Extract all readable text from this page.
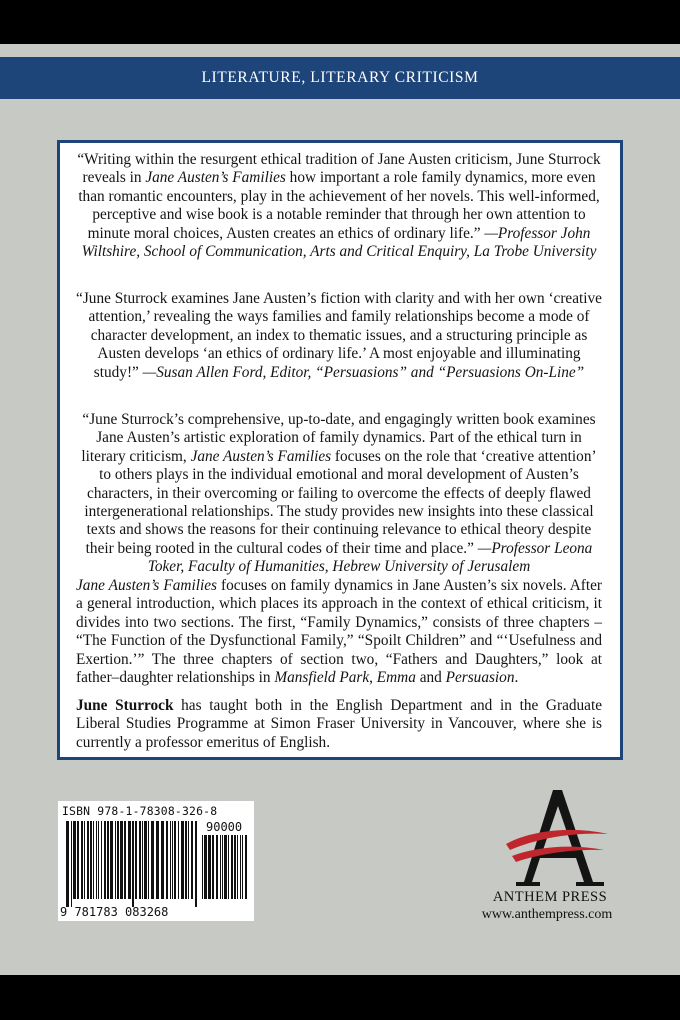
LITERATURE, LITERARY CRITICISM

“Writing within the resurgent ethical tradition of Jane Austen criticism, June Sturrock reveals in Jane Austen’s Families how important a role family dynamics, more even than romantic encounters, play in the achievement of her novels. This well-informed, perceptive and wise book is a notable reminder that through her own attention to minute moral choices, Austen creates an ethics of ordinary life.” —Professor John Wiltshire, School of Communication, Arts and Critical Enquiry, La Trobe University

“June Sturrock examines Jane Austen’s fiction with clarity and with her own ‘creative attention,’ revealing the ways families and family relationships become a mode of character development, an index to thematic issues, and a structuring principle as Austen develops ‘an ethics of ordinary life.’ A most enjoyable and illuminating study!” —Susan Allen Ford, Editor, “Persuasions” and “Persuasions On-Line”

“June Sturrock’s comprehensive, up-to-date, and engagingly written book examines Jane Austen’s artistic exploration of family dynamics. Part of the ethical turn in literary criticism, Jane Austen’s Families focuses on the role that ‘creative attention’ to others plays in the individual emotional and moral development of Austen’s characters, in their overcoming or failing to overcome the effects of deeply flawed intergenerational relationships. The study provides new insights into these classical texts and shows the reasons for their continuing relevance to ethical theory despite their being rooted in the cultural codes of their time and place.” —Professor Leona Toker, Faculty of Humanities, Hebrew University of Jerusalem

Jane Austen’s Families focuses on family dynamics in Jane Austen’s six novels. After a general introduction, which places its approach in the context of ethical criticism, it divides into two sections. The first, “Family Dynamics,” consists of three chapters – “The Function of the Dysfunctional Family,” “Spoilt Children” and “‘Usefulness and Exertion.’” The three chapters of section two, “Fathers and Daughters,” look at father–daughter relationships in Mansfield Park, Emma and Persuasion.

June Sturrock has taught both in the English Department and in the Graduate Liberal Studies Programme at Simon Fraser University in Vancouver, where she is currently a professor emeritus of English.

ISBN 978-1-78308-326-8
90000
9 781783 083268
ANTHEM PRESS
www.anthempress.com
